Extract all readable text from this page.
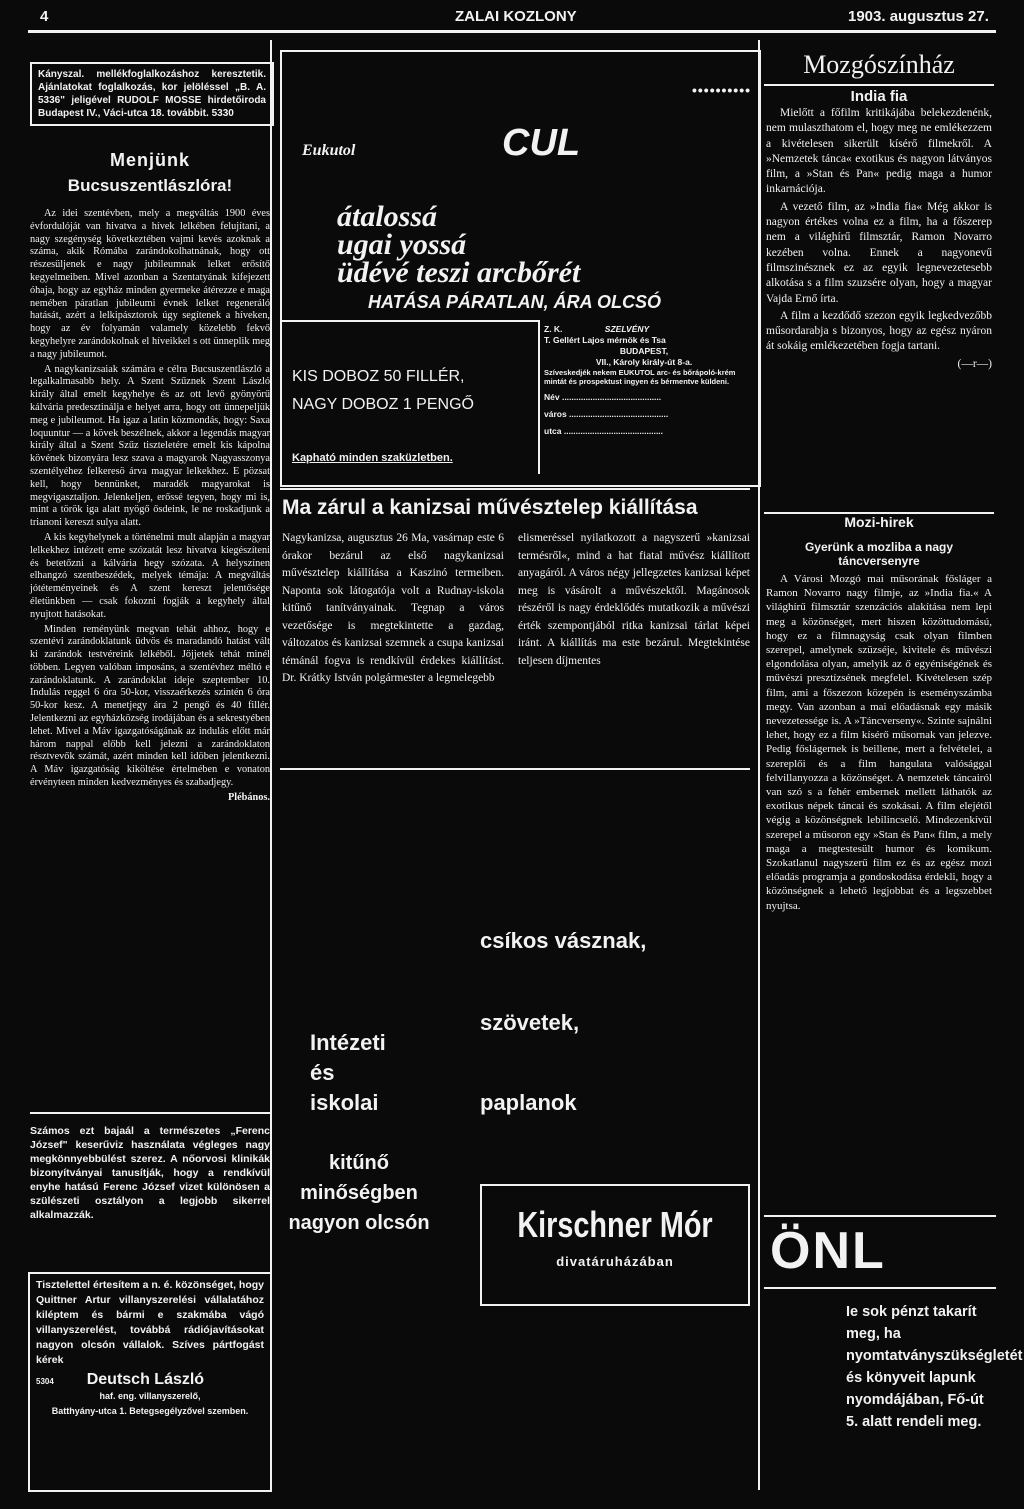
4	ZALAI KOZLONY	1903. augusztus 27.
Kányszal. mellékfoglalkozáshoz keresztetik. Ajánlatokat foglalkozás, kor jelöléssel „B. A. 5336" jeligével RUDOLF MOSSE hirdetőiroda Budapest IV., Váci-utca 18. továbbit. 5330
Menjünk
Bucsuszentlászlóra!

Az idei szentévben, mely a megváltás 1900 éves évfordulóját van hivatva a hívek lelkében felujítani, a nagy szegénység következtében vajmi kevés azoknak a száma, akik Rómába zarándokolhatnának, hogy ott részesüljenek e nagy jubileumnak lelket erősítő kegyelmeiben. Mivel azonban a Szentatyának kifejezett óhaja, hogy az egyház minden gyermeke átérezze e maga nemében páratlan jubileumi évnek lelket regeneráló hatását, azért a lelkipásztorok úgy segítenek a híveken, hogy az év folyamán valamely közelebb fekvő kegyhelyre zarándokolnak el híveikkel s ott ünneplik meg a nagy jubileumot.

A nagykanizsaiak számára e célra Bucsuszentlászló a legalkalmasabb hely. A Szent Szűznek Szent László király által emelt kegyhelye és az ott levő gyönyörű kálvária predesztinálja e helyet arra, hogy ott ünnepeljük meg e jubileumot. Ha igaz a latin közmondás, hogy: Saxa loquuntur — a kövek beszélnek, akkor a legendás magyar király által a Szent Szűz tiszteletére emelt kis kápolna kövének bizonyára lesz szava a magyarok Nagyasszonya szentélyéhez felkeresö árva magyar lelkekhez. E pözsat kell, hogy bennünket, maradék magyarokat is megvigasztaljon. Jelenkeljen, erőssé tegyen, hogy mi is, mint a török iga alatt nyögő ősdeink, le ne roskadjunk a trianoni kereszt sulya alatt.

A kis kegyhelynek a történelmi mult alapján a magyar lelkekhez intézett eme szózatát lesz hivatva kiegészíteni és betetőzni a kálvária hegy szózata. A helyszínen elhangzó szentbeszédek, melyek témája: A megváltás jótéteményeinek és A szent kereszt jelentősége életünkben — csak fokozni fogják a kegyhely által nyujtott hatásokat.

Minden reményünk megvan tehát ahhoz, hogy e szentévi zarándoklatunk üdvös és maradandó hatást vált ki zarándok testvéreink lelkéből. Jöjjetek tehát minél többen. Legyen valóban imposáns, a szentévhez méltó e zarándoklatunk. A zarándoklat ideje szeptember 10. Indulás reggel 6 óra 50-kor, visszaérkezés szintén 6 óra 50-kor kesz. A menetjegy ára 2 pengő és 40 fillér. Jelentkezni az egyházközség irodájában és a sekrestyében lehet. Mivel a Máv igazgatóságának az indulás előtt már három nappal előbb kell jelezni a zarándoklaton résztvevők számát, azért minden kell idöben jelentkezni. A Máv igazgatóság kiköltése értelmében e vonaton érvényteen minden kedvezményes és szabadjegy.

Plébános.
Számos ezt bajaál a természetes „Ferenc József" keserűviz használata végleges nagy megkönnyebbülést szerez. A nőorvosi klinikák bizonyítványai tanusítják, hogy a rendkívül enyhe hatású Ferenc József vizet különösen a szülészeti osztályon a legjobb sikerrel alkalmazzák.
Tisztelettel értesítem a n. é. közönséget, hogy Quittner Artur villanyszerelési vállalatához kiléptem és bármi e szakmába vágó villanyszerelést, továbbá rádiójavításokat nagyon olcsón vállalok. Szíves pártfogást kérek
5304 Deutsch László
haf. eng. villanyszerelő,
Batthyány-utca 1. Betegsegélyzővel szemben.
••••••••••
Eukutol	CUL
átalossá
ugai yossá
üdévé teszi arcbőrét
HATÁSA PÁRATLAN, ÁRA OLCSÓ
KIS DOBOZ 50 FILLÉR,
NAGY DOBOZ 1 PENGŐ
Kapható minden szaküzletben.
Z. K.	SZELVÉNY
T. Gellért Lajos mérnök és Tsa
BUDAPEST,
VII., Károly király-út 8-a.
Szíveskedjék nekem EUKUTOL arc- és bőrápoló-krém mintát és prospektust ingyen és bérmentve küldeni.
Név ..........................................
város ..........................................
utca ..........................................
Ma zárul a kanizsai művésztelep kiállítása
Nagykanizsa, augusztus 26 Ma, vasárnap este 6 órakor bezárul az első nagykanizsai művésztelep kiállítása a Kaszinó termeiben. Naponta sok látogatója volt a Rudnay-iskola kitűnő tanítványainak. Tegnap a város vezetősége is megtekintette a gazdag, változatos és kanizsai szemnek a csupa kanizsai témánál fogva is rendkívül érdekes kiállítást. Dr. Krátky István polgármester a legmelegebb
elismeréssel nyilatkozott a nagyszerű »kanizsai termésről«, mind a hat fiatal művész kiállított anyagáról. A város négy jellegzetes kanizsai képet meg is vásárolt a művészektől. Magánosok részéről is nagy érdeklődés mutatkozik a művészi érték szempontjából ritka kanizsai tárlat képei iránt. A kiállítás ma este bezárul. Megtekintése teljesen díjmentes
Intézeti
és
iskolai
csíkos vásznak,
szövetek,
paplanok
kitűnő minőségben nagyon olcsón Kirschner Mór
divatáruházában
Mozgószínház
India fia

Mielőtt a főfilm kritikájába belekezdenénk, nem mulaszthatom el, hogy meg ne emlékezzem a kivételesen sikerült kísérő filmekről. A »Nemzetek tánca« exotikus és nagyon látványos film, a »Stan és Pan« pedig maga a humor inkarnációja.

A vezető film, az »India fia« Még akkor is nagyon értékes volna ez a film, ha a főszerep nem a világhírű filmsztár, Ramon Novarro kezében volna. Ennek a nagyonevű filmszinésznek ez az egyik legnevezetesebb alkotása s a film szuzsére olyan, hogy a magyar Vajda Ernő írta.

A film a kezdődő szezon egyik legkedvezőbb műsordarabja s bizonyos, hogy az egész nyáron át sokáig emlékezetében fogja tartani.

(—r—)
Mozi-hirek
Gyerünk a mozliba a nagy táncversenyre
A Városi Mozgó mai műsorának fősláger a Ramon Novarro nagy filmje, az »India fia.« A világhírű filmsztár szenzációs alakítása nem lepi meg a közönséget, mert hiszen közöttudomású, hogy ez a filmnagyság csak olyan filmben szerepel, amelynek szüzséje, kivitele és művészi elgondolása olyan, amelyik az ő egyéniségének és művészi presztízsének megfelel. Kivételesen szép film, ami a főszezon közepén is eseményszámba megy. Van azonban a mai előadásnak egy másik nevezetessége is. A »Táncverseny«. Szinte sajnálni lehet, hogy ez a film kísérő műsornak van jelezve. Pedig főslágernek is beillene, mert a felvételei, a szereplői és a film hangulata valósággal felvillanyozza a közönséget. A nemzetek táncairól van szó s a fehér embernek mellett láthatók az exotikus népek táncai és szokásai. A film elejétől végig a közönségnek lebilincselő. Mindezenkívül szerepel a műsoron egy »Stan és Pan« film, a mely maga a megtestesült humor és komikum. Szokatlanul nagyszerű film ez és az egész mozi előadás programja a gondoskodása érdekli, hogy a közönségnek a lehető legjobbat és a legszebbet nyujtsa.
ÖNL
Ie sok pénzt takarít meg, ha nyomtatványszükségletét és könyveit lapunk nyomdájában, Fő-út 5. alatt rendeli meg.
